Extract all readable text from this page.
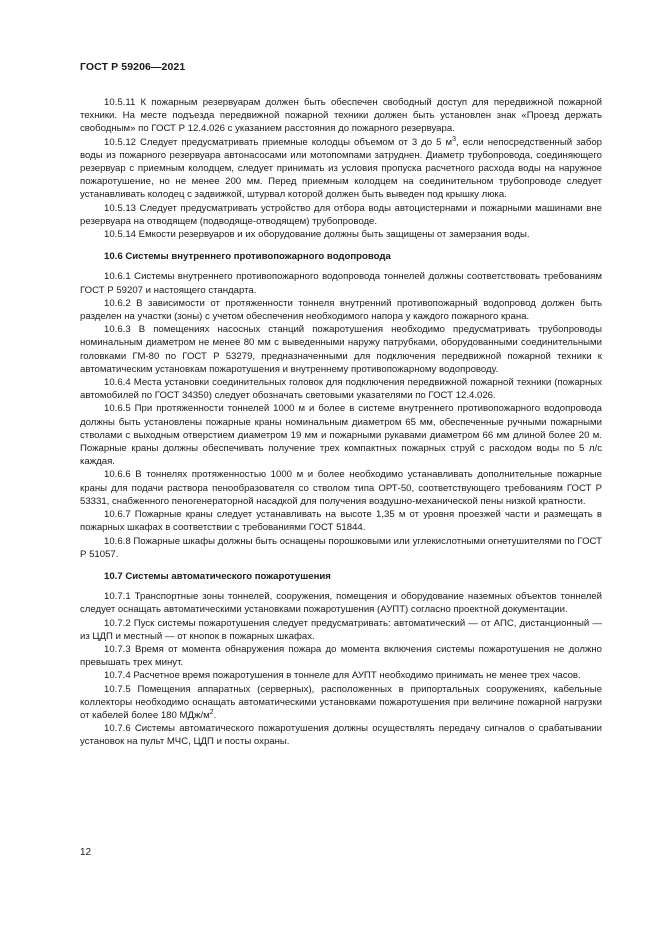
ГОСТ Р 59206—2021

10.5.11 К пожарным резервуарам должен быть обеспечен свободный доступ для передвижной пожарной техники. На месте подъезда передвижной пожарной техники должен быть установлен знак «Проезд держать свободным» по ГОСТ Р 12.4.026 с указанием расстояния до пожарного резервуара.

10.5.12 Следует предусматривать приемные колодцы объемом от 3 до 5 $м^3$, если непосредственный забор воды из пожарного резервуара автонасосами или мотопомпами затруднен. Диаметр трубопровода, соединяющего резервуар с приемным колодцем, следует принимать из условия пропуска расчетного расхода воды на наружное пожаротушение, но не менее 200 мм. Перед приемным колодцем на соединительном трубопроводе следует устанавливать колодец с задвижкой, штурвал которой должен быть выведен под крышку люка.

10.5.13 Следует предусматривать устройство для отбора воды автоцистернами и пожарными машинами вне резервуара на отводящем (подводяще-отводящем) трубопроводе.

10.5.14 Емкости резервуаров и их оборудование должны быть защищены от замерзания воды.

10.6 Системы внутреннего противопожарного водопровода

10.6.1 Системы внутреннего противопожарного водопровода тоннелей должны соответствовать требованиям ГОСТ Р 59207 и настоящего стандарта.

10.6.2 В зависимости от протяженности тоннеля внутренний противопожарный водопровод должен быть разделен на участки (зоны) с учетом обеспечения необходимого напора у каждого пожарного крана.

10.6.3 В помещениях насосных станций пожаротушения необходимо предусматривать трубопроводы номинальным диаметром не менее 80 мм с выведенными наружу патрубками, оборудованными соединительными головками ГМ-80 по ГОСТ Р 53279, предназначенными для подключения передвижной пожарной техники к автоматическим установкам пожаротушения и внутреннему противопожарному водопроводу.

10.6.4 Места установки соединительных головок для подключения передвижной пожарной техники (пожарных автомобилей по ГОСТ 34350) следует обозначать световыми указателями по ГОСТ 12.4.026.

10.6.5 При протяженности тоннелей 1000 м и более в системе внутреннего противопожарного водопровода должны быть установлены пожарные краны номинальным диаметром 65 мм, обеспеченные ручными пожарными стволами с выходным отверстием диаметром 19 мм и пожарными рукавами диаметром 66 мм длиной более 20 м. Пожарные краны должны обеспечивать получение трех компактных пожарных струй с расходом воды по 5 л/с каждая.

10.6.6 В тоннелях протяженностью 1000 м и более необходимо устанавливать дополнительные пожарные краны для подачи раствора пенообразователя со стволом типа ОРТ-50, соответствующего требованиям ГОСТ Р 53331, снабженного пеногенераторной насадкой для получения воздушно-механической пены низкой кратности.

10.6.7 Пожарные краны следует устанавливать на высоте 1,35 м от уровня проезжей части и размещать в пожарных шкафах в соответствии с требованиями ГОСТ 51844.

10.6.8 Пожарные шкафы должны быть оснащены порошковыми или углекислотными огнетушителями по ГОСТ Р 51057.

10.7 Системы автоматического пожаротушения

10.7.1 Транспортные зоны тоннелей, сооружения, помещения и оборудование наземных объектов тоннелей следует оснащать автоматическими установками пожаротушения (АУПТ) согласно проектной документации.

10.7.2 Пуск системы пожаротушения следует предусматривать: автоматический — от АПС, дистанционный — из ЦДП и местный — от кнопок в пожарных шкафах.

10.7.3 Время от момента обнаружения пожара до момента включения системы пожаротушения не должно превышать трех минут.

10.7.4 Расчетное время пожаротушения в тоннеле для АУПТ необходимо принимать не менее трех часов.

10.7.5 Помещения аппаратных (серверных), расположенных в припортальных сооружениях, кабельные коллекторы необходимо оснащать автоматическими установками пожаротушения при величине пожарной нагрузки от кабелей более 180 МДж/$м^2$.

10.7.6 Системы автоматического пожаротушения должны осуществлять передачу сигналов о срабатывании установок на пульт МЧС, ЦДП и посты охраны.

12
